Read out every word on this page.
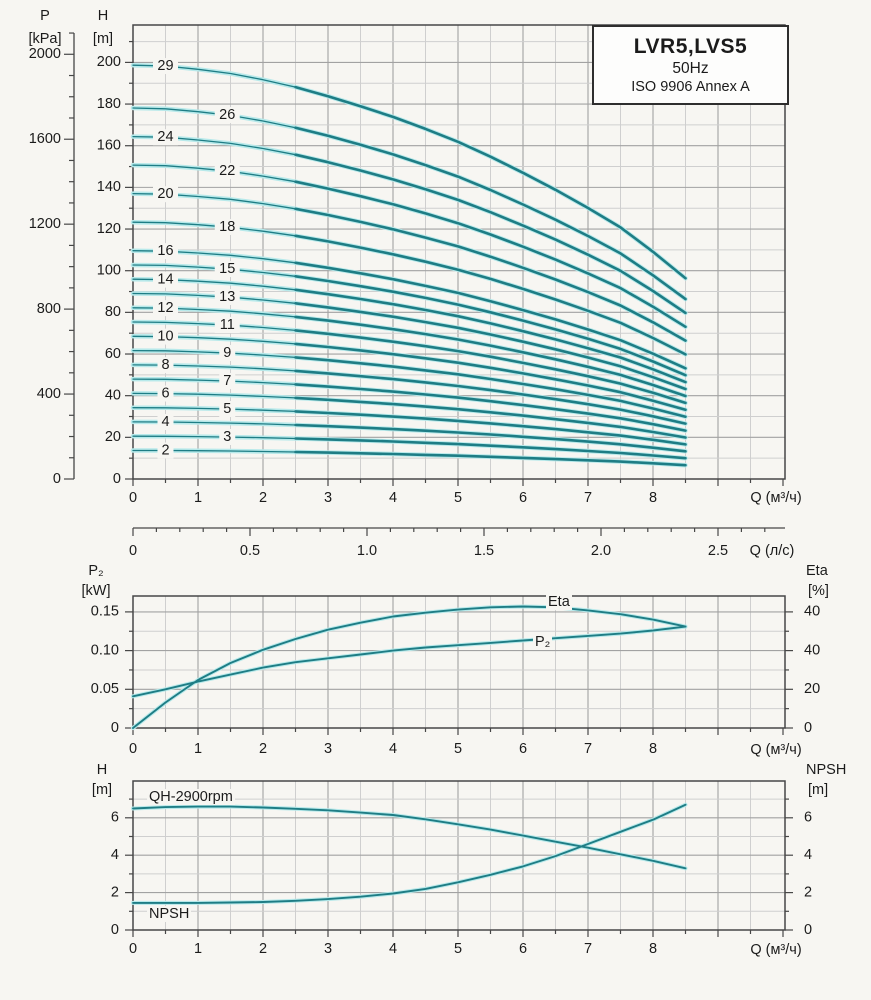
0	1	2	3	4	5	6	7	8
200
180
160
140
120
100
80
60
40
20
0
2000
1600
1200
800
400
0
0	0.5	1.0	1.5	2.0	2.5
29
26
24
22
20
18
16
15
14
13
12
11
10
9
8
7
6
5
4
3
2
0	1	2	3	4	5	6	7	8
0.15
0.10
0.05
0
40
40
20
0
0	1	2	3	4	5	6	7	8
6
4
2
0
6
4
2
0
P
[kPa]
H
[m]
Q (м³/ч)
Q (л/с)
LVR5,LVS5
50Hz
ISO 9906 Annex A
P₂
[kW]
Eta
[%]
Q (м³/ч)
Eta
P₂
H
[m]
NPSH
[m]
Q (м³/ч)
QH-2900rpm
NPSH
